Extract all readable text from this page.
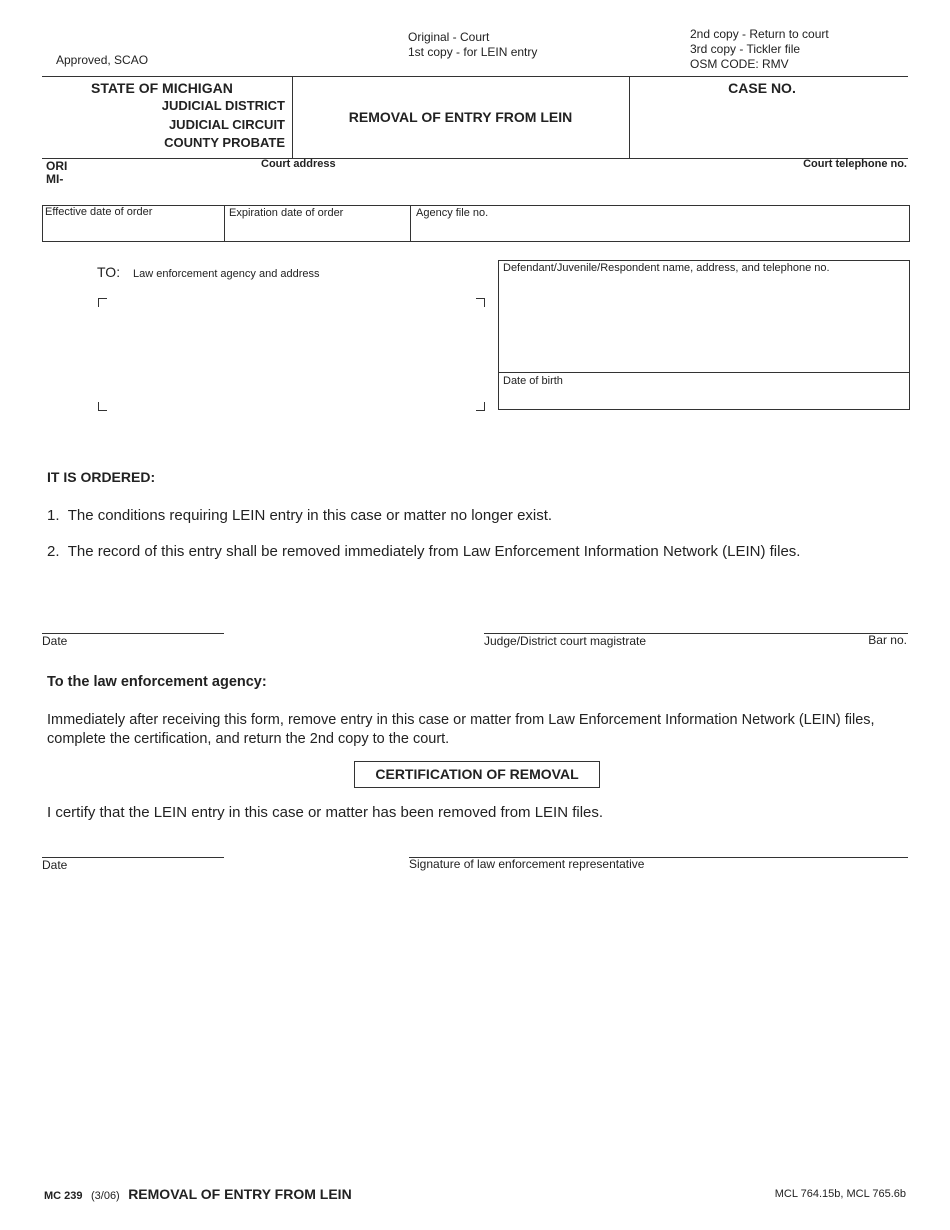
Approved, SCAO
Original - Court
1st copy - for LEIN entry
2nd copy - Return to court
3rd copy - Tickler file
OSM CODE: RMV
STATE OF MICHIGAN
JUDICIAL DISTRICT
JUDICIAL CIRCUIT
COUNTY PROBATE
REMOVAL OF ENTRY FROM LEIN
CASE NO.
ORI
MI-
Court address	Court telephone no.
Effective date of order	Expiration date of order	Agency file no.
TO: Law enforcement agency and address	Defendant/Juvenile/Respondent name, address, and telephone no.
Date of birth
IT IS ORDERED:
1. The conditions requiring LEIN entry in this case or matter no longer exist.
2. The record of this entry shall be removed immediately from Law Enforcement Information Network (LEIN) files.
Date	Judge/District court magistrate	Bar no.
To the law enforcement agency:
Immediately after receiving this form, remove entry in this case or matter from Law Enforcement Information Network (LEIN) files,
complete the certification, and return the 2nd copy to the court.
CERTIFICATION OF REMOVAL
I certify that the LEIN entry in this case or matter has been removed from LEIN files.
Date	Signature of law enforcement representative
MC 239 (3/06) REMOVAL OF ENTRY FROM LEIN	MCL 764.15b, MCL 765.6b
